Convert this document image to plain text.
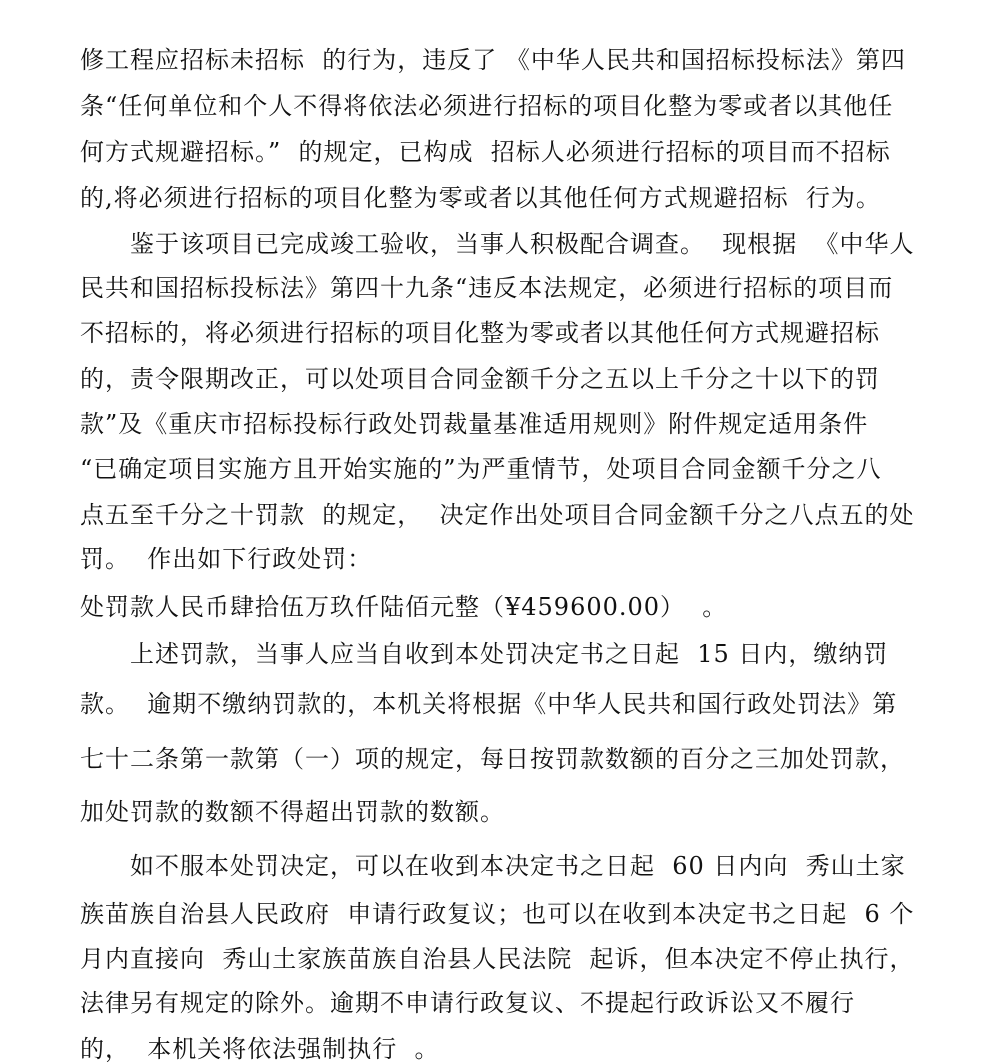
修工程应招标未招标  的行为，违反了 《中华人民共和国招标投标法》第四
条“任何单位和个人不得将依法必须进行招标的项目化整为零或者以其他任
何方式规避招标。”  的规定，已构成  招标人必须进行招标的项目而不招标
的,将必须进行招标的项目化整为零或者以其他任何方式规避招标  行为。
鉴于该项目已完成竣工验收，当事人积极配合调查。  现根据  《中华人
民共和国招标投标法》第四十九条“违反本法规定，必须进行招标的项目而
不招标的，将必须进行招标的项目化整为零或者以其他任何方式规避招标
的，责令限期改正，可以处项目合同金额千分之五以上千分之十以下的罚
款”及《重庆市招标投标行政处罚裁量基准适用规则》附件规定适用条件
“已确定项目实施方且开始实施的”为严重情节，处项目合同金额千分之八
点五至千分之十罚款  的规定，  决定作出处项目合同金额千分之八点五的处
罚。  作出如下行政处罚：
处罚款人民币肆拾伍万玖仟陆佰元整（¥459600.00）  。
上述罚款，当事人应当自收到本处罚决定书之日起  15 日内，缴纳罚
款。  逾期不缴纳罚款的，本机关将根据《中华人民共和国行政处罚法》第
七十二条第一款第（一）项的规定，每日按罚款数额的百分之三加处罚款，
加处罚款的数额不得超出罚款的数额。
如不服本处罚决定，可以在收到本决定书之日起  60 日内向  秀山土家
族苗族自治县人民政府  申请行政复议；也可以在收到本决定书之日起  6 个
月内直接向  秀山土家族苗族自治县人民法院  起诉，但本决定不停止执行，
法律另有规定的除外。逾期不申请行政复议、不提起行政诉讼又不履行
的，  本机关将依法强制执行  。
